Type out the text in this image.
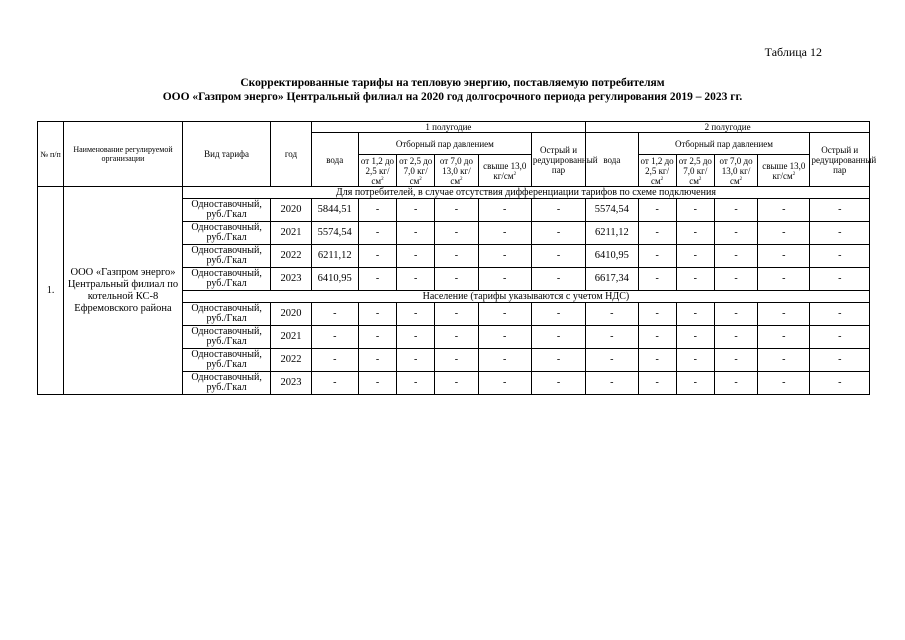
Таблица 12
Скорректированные тарифы на тепловую энергию, поставляемую потребителям
ООО «Газпром энерго» Центральный филиал на 2020 год долгосрочного периода регулирования 2019 – 2023 гг.
№ п/п	Наименование регулируемой организации	Вид тарифа	год	1 полугодие						2 полугодие					
				вода	Отборный пар давлением				Острый и редуцированный пар	вода	Отборный пар давлением				Острый и редуцированный пар
					от 1,2 до 2,5 $кг/см^2$	от 2,5 до 7,0 $кг/см^2$	от 7,0 до 13,0 $кг/см^2$	свыше 13,0 $кг/см^2$			от 1,2 до 2,5 $кг/см^2$	от 2,5 до 7,0 $кг/см^2$	от 7,0 до 13,0 $кг/см^2$	свыше 13,0 $кг/см^2$
1.	ООО «Газпром энерго» Центральный филиал по котельной КС-8 Ефремовского района	Для потребителей, в случае отсутствия дифференциации тарифов по схеме подключения													
		Одноставочный, руб./Гкал	2020	5844,51	-	-	-	-	-	5574,54	-	-	-	-	-
		Одноставочный, руб./Гкал	2021	5574,54	-	-	-	-	-	6211,12	-	-	-	-	-
		Одноставочный, руб./Гкал	2022	6211,12	-	-	-	-	-	6410,95	-	-	-	-	-
		Одноставочный, руб./Гкал	2023	6410,95	-	-	-	-	-	6617,34	-	-	-	-	-
		Население (тарифы указываются с учетом НДС)													
		Одноставочный, руб./Гкал	2020	-	-	-	-	-	-	-	-	-	-	-	-
		Одноставочный, руб./Гкал	2021	-	-	-	-	-	-	-	-	-	-	-	-
		Одноставочный, руб./Гкал	2022	-	-	-	-	-	-	-	-	-	-	-	-
		Одноставочный, руб./Гкал	2023	-	-	-	-	-	-	-	-	-	-	-	-
